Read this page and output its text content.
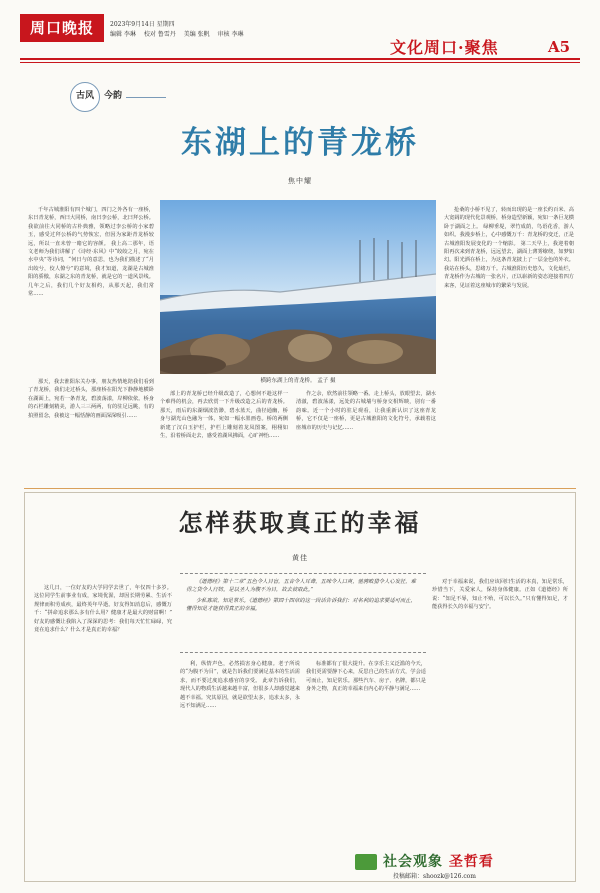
周口晚报	2023年9月14日 星期四
编辑 李琳 校对 鲁雪丹 美编 张帆 审核 李琳
文化周口·聚焦	A5
古风	今韵
东湖上的青龙桥
焦中耀
千年古城淮阳有四个城门，四门之外各有一座桥，东曰青龙桥，西曰大同桥，南曰李公桥，北曰拜公桥。我欲前往大同桥的古朴典雅，领略过李公桥的小家碧玉，感受过拜公桥的气势恢宏，但因为家距青龙桥较远，所以一直未曾一睹它的容颜。 我上高二那年，语文老师为我们讲解了《诗经·东风》中“皎皎之月，宛在水中央”等诗词，“何日与的意思，也为我们描述了“月出皎兮，佼人僚兮”的意境，我才知道，龙湖是古城淮阳的骄傲，东湖之东的青龙桥，就是它的一道风景线。 几年之后，我们几个好友相约，从那天起，我们常常……
那天，我去淮阳东关办事，朋友热情地陪我们看到了青龙桥，我们走过桥头，那座桥在阳光下静静地横卧在湖面上，宛若一条青龙，碧波荡漾，岸柳依依。桥身的石栏雕刻精美，游人三三两两，有的驻足远眺，有的拍照留念，我被这一幅恬静的画面深深吸引……
横跨东湖上的青龙桥。 孟子 摄
部上的青龙桥已经升级改造了，心想何不趁这样一个难得的机会，再去欣赏一下升级改造之后的青龙桥。那天，雨后的东湖烟波浩渺，碧水蓝天，曲径通幽，桥身与湖光山色融为一体，宛如一幅水墨画卷。桥的两侧新建了汉白玉护栏，护栏上雕刻着龙凤图案，栩栩如生，沿着桥面走去，感受着湖风拂面，心旷神怡……
作之余，欣然前往领略一番。走上桥头，放眼望去，湖水清澈，碧波荡漾，远处的古城墙与桥身交相辉映，别有一番韵味。近一个小时的驻足观看，让我重新认识了这座青龙桥，它不仅是一座桥，更是古城淮阳的文化符号，承载着这座城市的历史与记忆……
抢桑的小桥不见了，转而出现的是一座长约百米、高大宽阔的现代化景观桥，桥身造型新颖，宛如一条巨龙横卧于湖面之上。 绿柳垂堤，翠竹成荫，鸟语花香，游人如织。我漫步桥上，心中感慨万千：青龙桥的变迁，正是古城淮阳发展变化的一个缩影。 第二天早上，我迎着朝阳再次来到青龙桥，远远望去，湖面上薄雾缭绕，如梦如幻。阳光洒在桥上，为这条青龙披上了一层金色的外衣。 我站在桥头，思绪万千。古城淮阳历史悠久，文化灿烂，青龙桥作为古城的一张名片，正以崭新的姿态迎接着四方来客，见证着这座城市的繁荣与发展。
怎样获取真正的幸福
黄佳

《道德经》第十二章“五色令人目盲，五音令人耳聋，五味令人口爽，驰骋畋猎令人心发狂，难得之货令人行妨。是以圣人为腹不为目，故去彼取此。”

少私寡欲，知足常乐。《道德经》第四十四章的这一段话告诉我们：对名利的追求要适可而止，懂得知足才能获得真正的幸福。

这几日，一位好友的大学同学去世了，年仅四十多岁。这位同学生前事业有成，家境优渥，却因长期劳累、生活不规律而积劳成疾，最终英年早逝。好友得知消息后，感慨万千：“拼命追求那么多有什么用？健康才是最大的财富啊！” 好友的感慨让我陷入了深深的思考：我们每天忙忙碌碌，究竟在追求什么？什么才是真正的幸福？
利，纵情声色，必然损害身心健康。老子所说的“为腹不为目”，就是告诉我们要满足基本的生活需求，而不要过度追求感官的享受。 此章告诉我们，现代人的物质生活越来越丰富，但很多人却感觉越来越不幸福。究其原因，就是欲望太多，追求太多，永远不知满足……
标准都有了很大提升。在享乐主义泛滥的今天，我们更需要静下心来，反思自己的生活方式，学会适可而止，知足常乐。那些汽车、房子、名牌，都只是身外之物，真正的幸福来自内心的平静与满足……
对于幸福来说，我们应该回归生活的本真，知足常乐，珍惜当下，关爱家人，保持身体健康。正如《道德经》所说：“知足不辱，知止不殆，可以长久。”只有懂得知足，才能获得长久的幸福与安宁。
社会观象 圣哲看
投稿邮箱：shoozk@126.com
